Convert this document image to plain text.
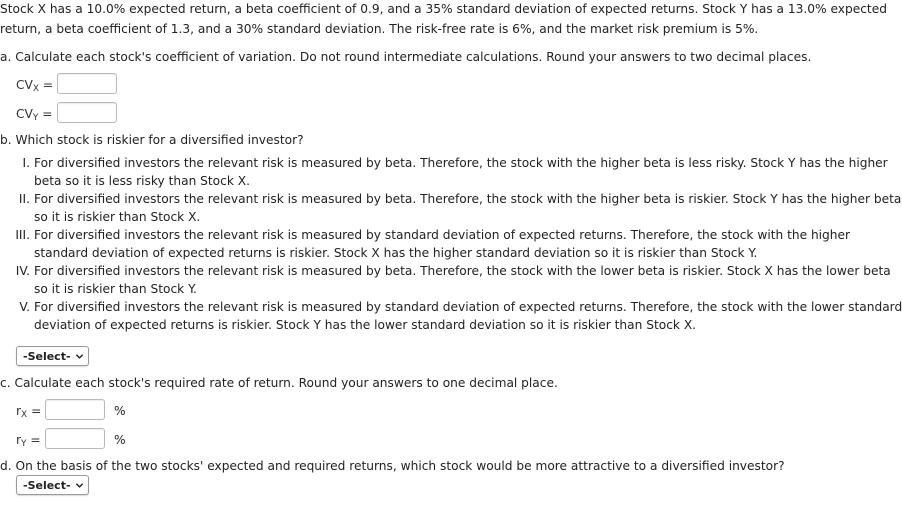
Stock X has a 10.0% expected return, a beta coefficient of 0.9, and a 35% standard deviation of expected returns. Stock Y has a 13.0% expected
return, a beta coefficient of 1.3, and a 30% standard deviation. The risk-free rate is 6%, and the market risk premium is 5%.
a. Calculate each stock's coefficient of variation. Do not round intermediate calculations. Round your answers to two decimal places.
$CV_X$ =
$CV_Y$ =
b. Which stock is riskier for a diversified investor?
I. For diversified investors the relevant risk is measured by beta. Therefore, the stock with the higher beta is less risky. Stock Y has the higher
beta so it is less risky than Stock X.
II. For diversified investors the relevant risk is measured by beta. Therefore, the stock with the higher beta is riskier. Stock Y has the higher beta
so it is riskier than Stock X.
III. For diversified investors the relevant risk is measured by standard deviation of expected returns. Therefore, the stock with the higher
standard deviation of expected returns is riskier. Stock X has the higher standard deviation so it is riskier than Stock Y.
IV. For diversified investors the relevant risk is measured by beta. Therefore, the stock with the lower beta is riskier. Stock X has the lower beta
so it is riskier than Stock Y.
V. For diversified investors the relevant risk is measured by standard deviation of expected returns. Therefore, the stock with the lower standard
deviation of expected returns is riskier. Stock Y has the lower standard deviation so it is riskier than Stock X.
-Select-
c. Calculate each stock's required rate of return. Round your answers to one decimal place.
$r_X$ =	%
$r_Y$ =	%
d. On the basis of the two stocks' expected and required returns, which stock would be more attractive to a diversified investor?
-Select-
